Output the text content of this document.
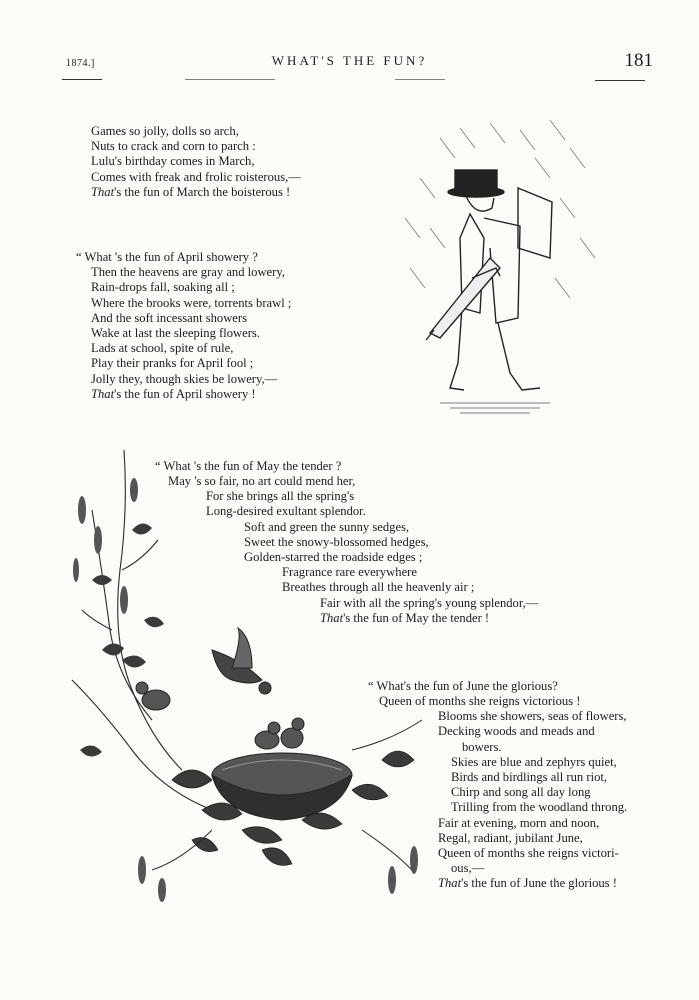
1874.]	WHAT'S THE FUN?	181
Games so jolly, dolls so arch,
Nuts to crack and corn to parch :
Lulu's birthday comes in March,
Comes with freak and frolic roisterous,—
That's the fun of March the boisterous !
“ What 's the fun of April showery ?
Then the heavens are gray and lowery,
Rain-drops fall, soaking all ;
Where the brooks were, torrents brawl ;
And the soft incessant showers
Wake at last the sleeping flowers.
Lads at school, spite of rule,
Play their pranks for April fool ;
Jolly they, though skies be lowery,—
That's the fun of April showery !
“ What 's the fun of May the tender ?
May 's so fair, no art could mend her,
For she brings all the spring's
Long-desired exultant splendor.
Soft and green the sunny sedges,
Sweet the snowy-blossomed hedges,
Golden-starred the roadside edges ;
Fragrance rare everywhere
Breathes through all the heavenly air ;
Fair with all the spring's young splendor,—
That's the fun of May the tender !
“ What's the fun of June the glorious?
Queen of months she reigns victorious !
Blooms she showers, seas of flowers,
Decking woods and meads and
bowers.
Skies are blue and zephyrs quiet,
Birds and birdlings all run riot,
Chirp and song all day long
Trilling from the woodland throng.
Fair at evening, morn and noon,
Regal, radiant, jubilant June,
Queen of months she reigns victori-
ous,—
That's the fun of June the glorious !
